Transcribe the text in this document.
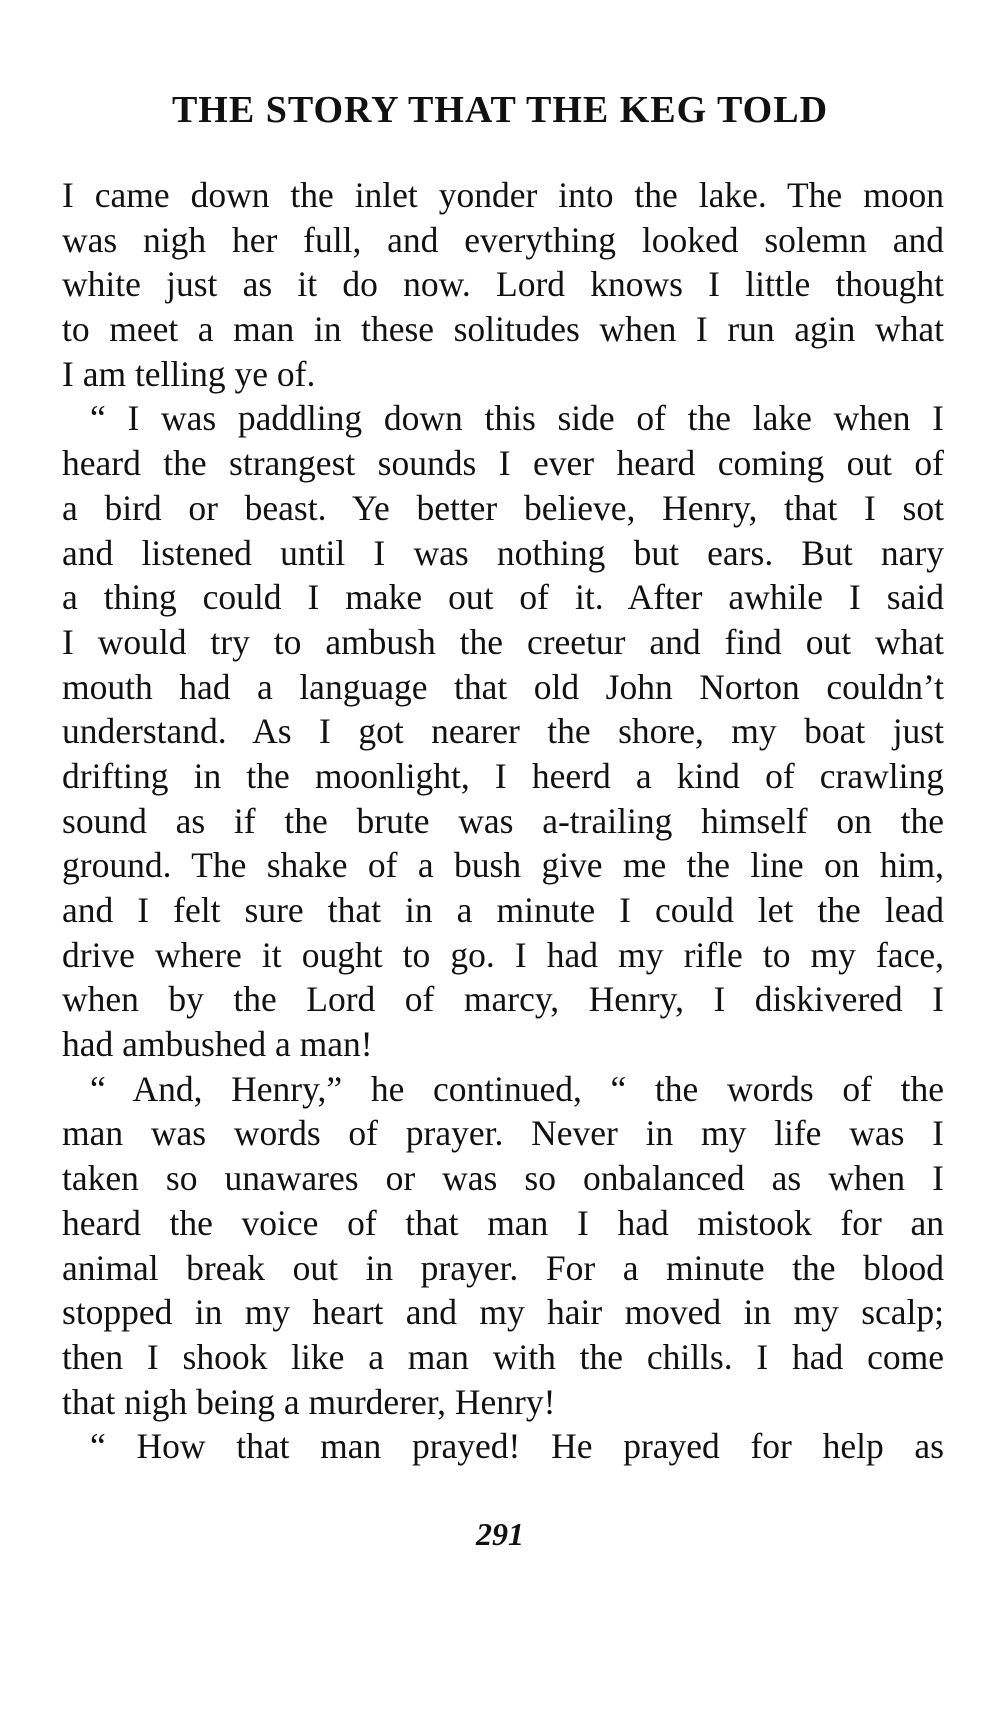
THE STORY THAT THE KEG TOLD

I came down the inlet yonder into the lake. The moon
was nigh her full, and everything looked solemn and
white just as it do now. Lord knows I little thought
to meet a man in these solitudes when I run agin what
I am telling ye of.

“ I was paddling down this side of the lake when I
heard the strangest sounds I ever heard coming out of
a bird or beast. Ye better believe, Henry, that I sot
and listened until I was nothing but ears. But nary
a thing could I make out of it. After awhile I said
I would try to ambush the creetur and find out what
mouth had a language that old John Norton couldn’t
understand. As I got nearer the shore, my boat just
drifting in the moonlight, I heerd a kind of crawling
sound as if the brute was a-trailing himself on the
ground. The shake of a bush give me the line on him,
and I felt sure that in a minute I could let the lead
drive where it ought to go. I had my rifle to my face,
when by the Lord of marcy, Henry, I diskivered I
had ambushed a man!

“ And, Henry,” he continued, “ the words of the
man was words of prayer. Never in my life was I
taken so unawares or was so onbalanced as when I
heard the voice of that man I had mistook for an
animal break out in prayer. For a minute the blood
stopped in my heart and my hair moved in my scalp;
then I shook like a man with the chills. I had come
that nigh being a murderer, Henry!

“ How that man prayed! He prayed for help as

291
